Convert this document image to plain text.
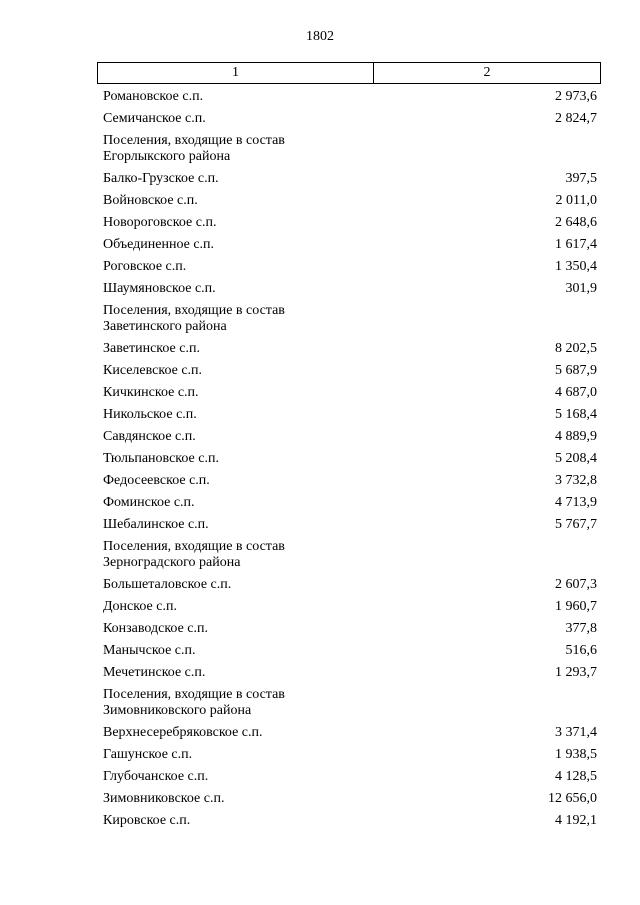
1802
1	2
Романовское с.п.	2 973,6
Семичанское с.п.	2 824,7
Поселения, входящие в состав Егорлыкского района
Балко-Грузское с.п.	397,5
Войновское с.п.	2 011,0
Новороговское с.п.	2 648,6
Объединенное с.п.	1 617,4
Роговское с.п.	1 350,4
Шаумяновское с.п.	301,9
Поселения, входящие в состав Заветинского района
Заветинское с.п.	8 202,5
Киселевское с.п.	5 687,9
Кичкинское с.п.	4 687,0
Никольское с.п.	5 168,4
Савдянское с.п.	4 889,9
Тюльпановское с.п.	5 208,4
Федосеевское с.п.	3 732,8
Фоминское с.п.	4 713,9
Шебалинское с.п.	5 767,7
Поселения, входящие в состав Зерноградского района
Большеталовское с.п.	2 607,3
Донское с.п.	1 960,7
Конзаводское с.п.	377,8
Манычское с.п.	516,6
Мечетинское с.п.	1 293,7
Поселения, входящие в состав Зимовниковского района
Верхнесеребряковское с.п.	3 371,4
Гашунское с.п.	1 938,5
Глубочанское с.п.	4 128,5
Зимовниковское с.п.	12 656,0
Кировское с.п.	4 192,1
